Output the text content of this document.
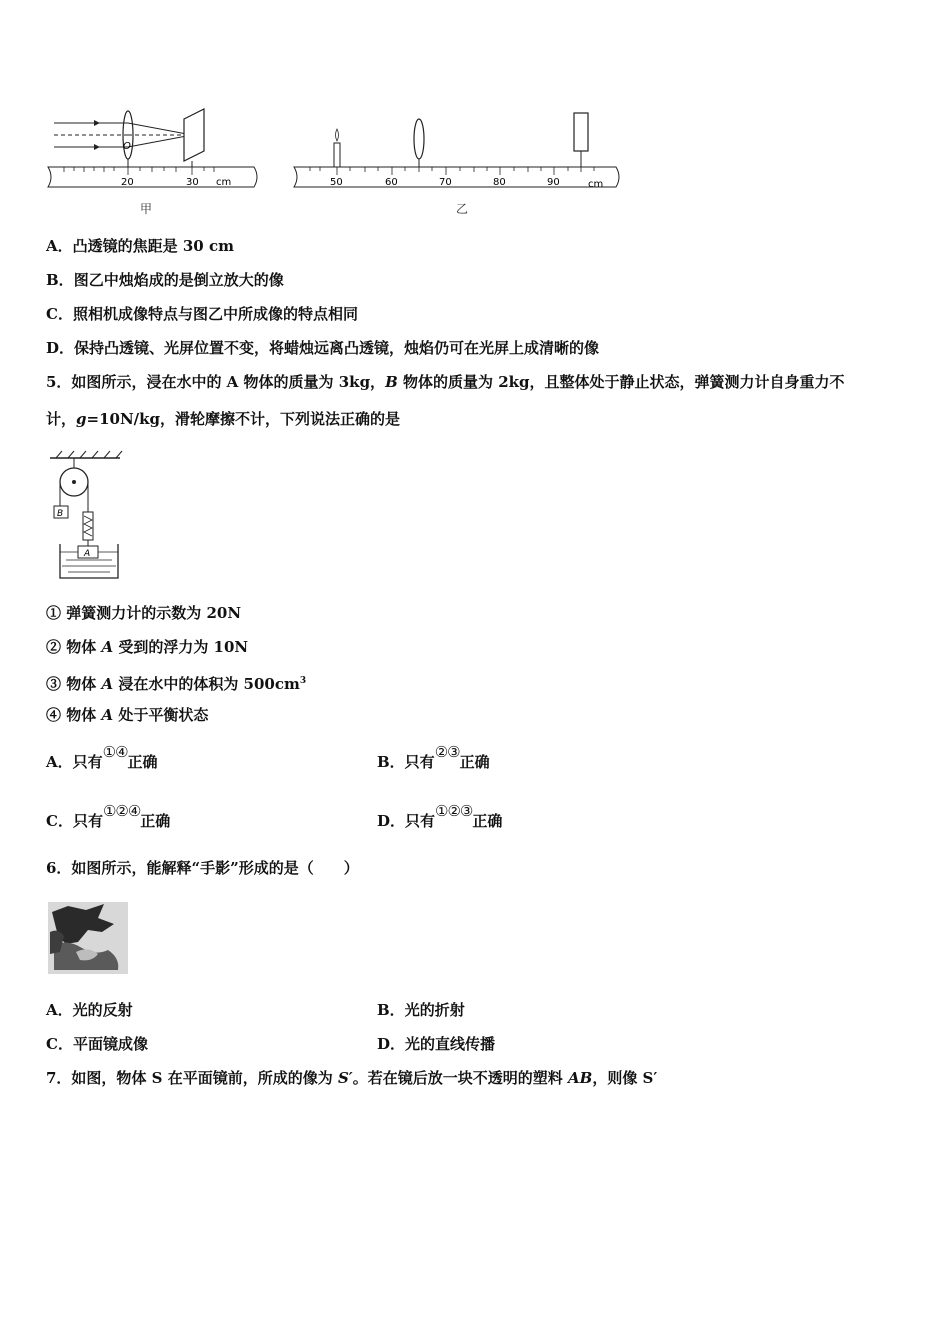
O
20	30 cm
甲
50	60	70	80	90	cm
乙
A．凸透镜的焦距是 30 cm
B．图乙中烛焰成的是倒立放大的像
C．照相机成像特点与图乙中所成像的特点相同
D．保持凸透镜、光屏位置不变，将蜡烛远离凸透镜，烛焰仍可在光屏上成清晰的像
5．如图所示，浸在水中的 A 物体的质量为 3kg，B 物体的质量为 2kg，且整体处于静止状态，弹簧测力计自身重力不
计，g=10N/kg，滑轮摩擦不计，下列说法正确的是
B
A
① 弹簧测力计的示数为 20N
② 物体 A 受到的浮力为 10N
③ 物体 A 浸在水中的体积为 $500cm^3$
④ 物体 A 处于平衡状态
A．只有①④正确	B．只有②③正确
C．只有①②④正确	D．只有①②③正确
6．如图所示，能解释“手影”形成的是（　　）
A．光的反射	B．光的折射
C．平面镜成像	D．光的直线传播
7．如图，物体 S 在平面镜前，所成的像为 S′。若在镜后放一块不透明的塑料 AB，则像 S′
